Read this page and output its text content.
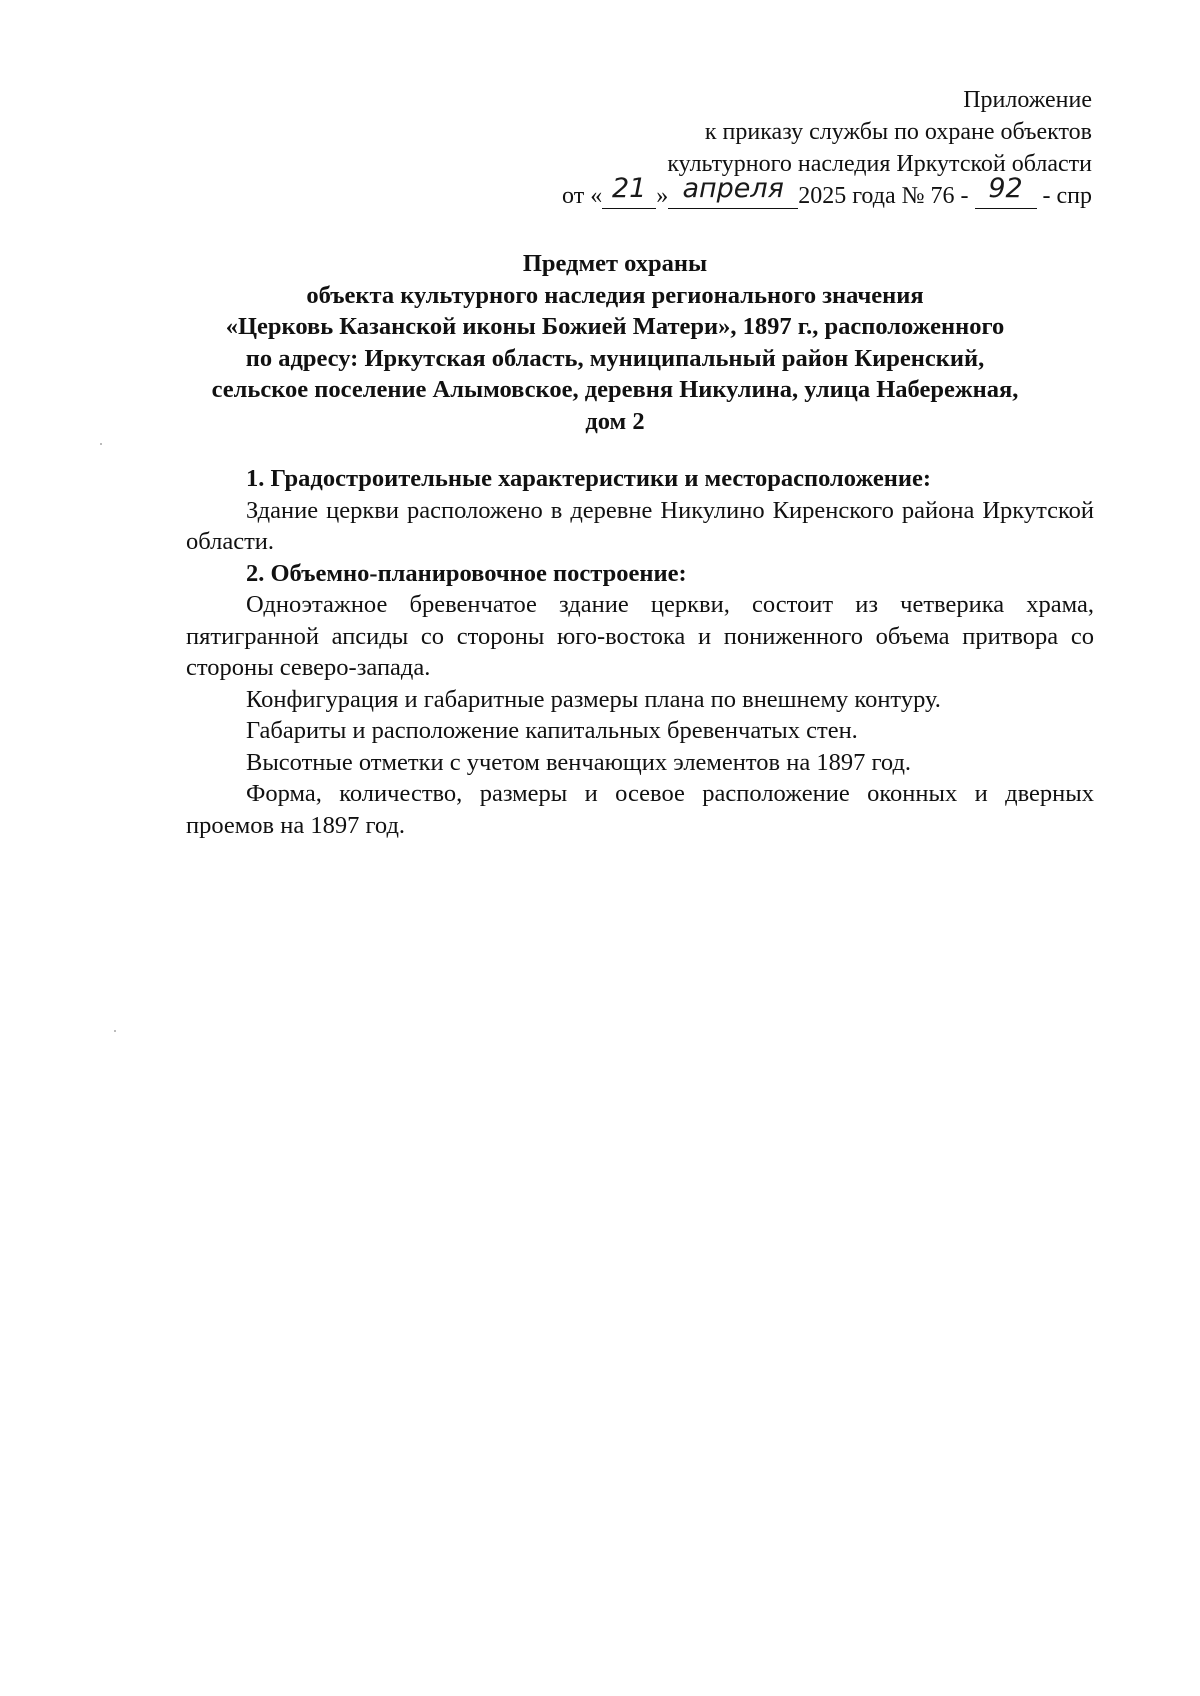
Приложение
к приказу службы по охране объектов
культурного наследия Иркутской области
от « 21 » апреля 2025 года № 76 - 92 - спр
Предмет охраны
объекта культурного наследия регионального значения
«Церковь Казанской иконы Божией Матери», 1897 г., расположенного
по адресу: Иркутская область, муниципальный район Киренский,
сельское поселение Алымовское, деревня Никулина, улица Набережная,
дом 2

1. Градостроительные характеристики и месторасположение:

Здание церкви расположено в деревне Никулино Киренского района Иркутской области.

2. Объемно-планировочное построение:

Одноэтажное бревенчатое здание церкви, состоит из четверика храма, пятигранной апсиды со стороны юго-востока и пониженного объема притвора со стороны северо-запада.

Конфигурация и габаритные размеры плана по внешнему контуру.

Габариты и расположение капитальных бревенчатых стен.

Высотные отметки с учетом венчающих элементов на 1897 год.

Форма, количество, размеры и осевое расположение оконных и дверных проемов на 1897 год.
